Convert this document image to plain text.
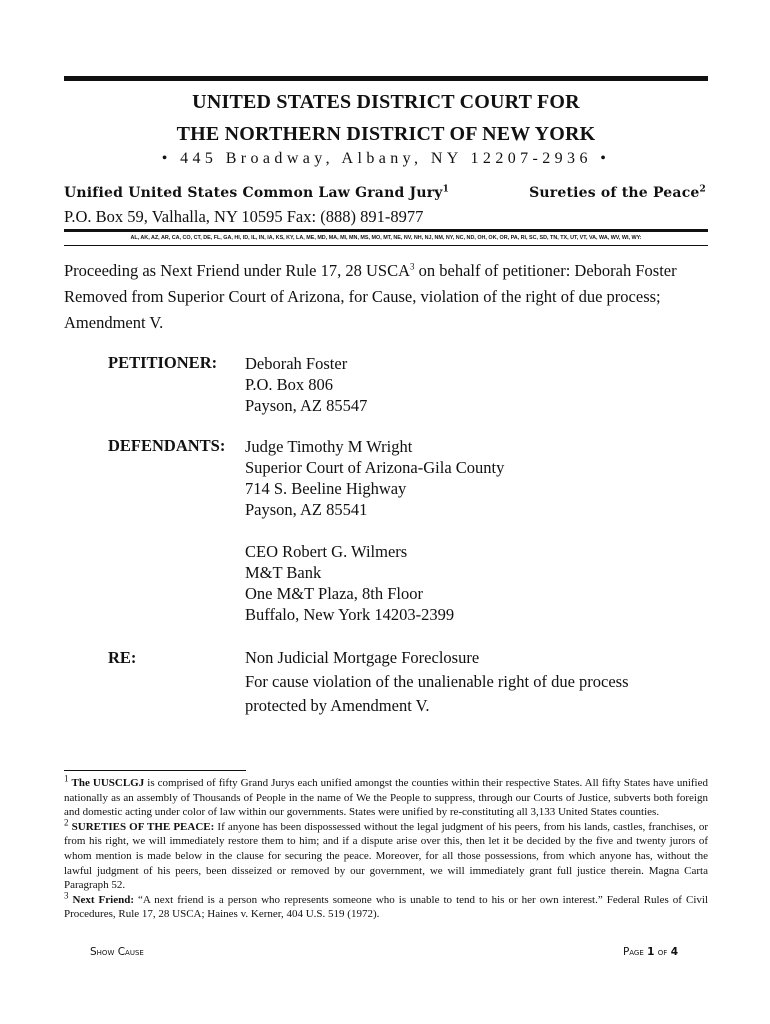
UNITED STATES DISTRICT COURT FOR
THE NORTHERN DISTRICT OF NEW YORK
• 445 Broadway, Albany, NY 12207-2936 •
Unified United States Common Law Grand Jury$^1$	Sureties of the Peace$^2$
P.O. Box 59, Valhalla, NY 10595 Fax: (888) 891-8977
AL, AK, AZ, AR, CA, CO, CT, DE, FL, GA, HI, ID, IL, IN, IA, KS, KY, LA, ME, MD, MA, MI, MN, MS, MO, MT, NE, NV, NH, NJ, NM, NY, NC, ND, OH, OK, OR, PA, RI, SC, SD, TN, TX, UT, VT, VA, WA, WV, WI, WY:
Proceeding as Next Friend under Rule 17, 28 USCA$^3$ on behalf of petitioner: Deborah Foster Removed from Superior Court of Arizona, for Cause, violation of the right of due process; Amendment V.
PETITIONER: Deborah Foster
P.O. Box 806
Payson, AZ 85547
DEFENDANTS: Judge Timothy M Wright
Superior Court of Arizona-Gila County
714 S. Beeline Highway
Payson, AZ 85541
CEO Robert G. Wilmers
M&T Bank
One M&T Plaza, 8th Floor
Buffalo, New York 14203-2399
RE:	Non Judicial Mortgage Foreclosure
For cause violation of the unalienable right of due process
protected by Amendment V.

$^1$ The UUSCLGJ is comprised of fifty Grand Jurys each unified amongst the counties within their respective States. All fifty States have unified nationally as an assembly of Thousands of People in the name of We the People to suppress, through our Courts of Justice, subverts both foreign and domestic acting under color of law within our governments. States were unified by re-constituting all 3,133 United States counties.

$^2$ SURETIES OF THE PEACE: If anyone has been dispossessed without the legal judgment of his peers, from his lands, castles, franchises, or from his right, we will immediately restore them to him; and if a dispute arise over this, then let it be decided by the five and twenty jurors of whom mention is made below in the clause for securing the peace. Moreover, for all those possessions, from which anyone has, without the lawful judgment of his peers, been disseized or removed by our government, we will immediately grant full justice therein. Magna Carta Paragraph 52.

$^3$ Next Friend: “A next friend is a person who represents someone who is unable to tend to his or her own interest.” Federal Rules of Civil Procedures, Rule 17, 28 USCA; Haines v. Kerner, 404 U.S. 519 (1972).

Show Cause	Page 1 of 4
